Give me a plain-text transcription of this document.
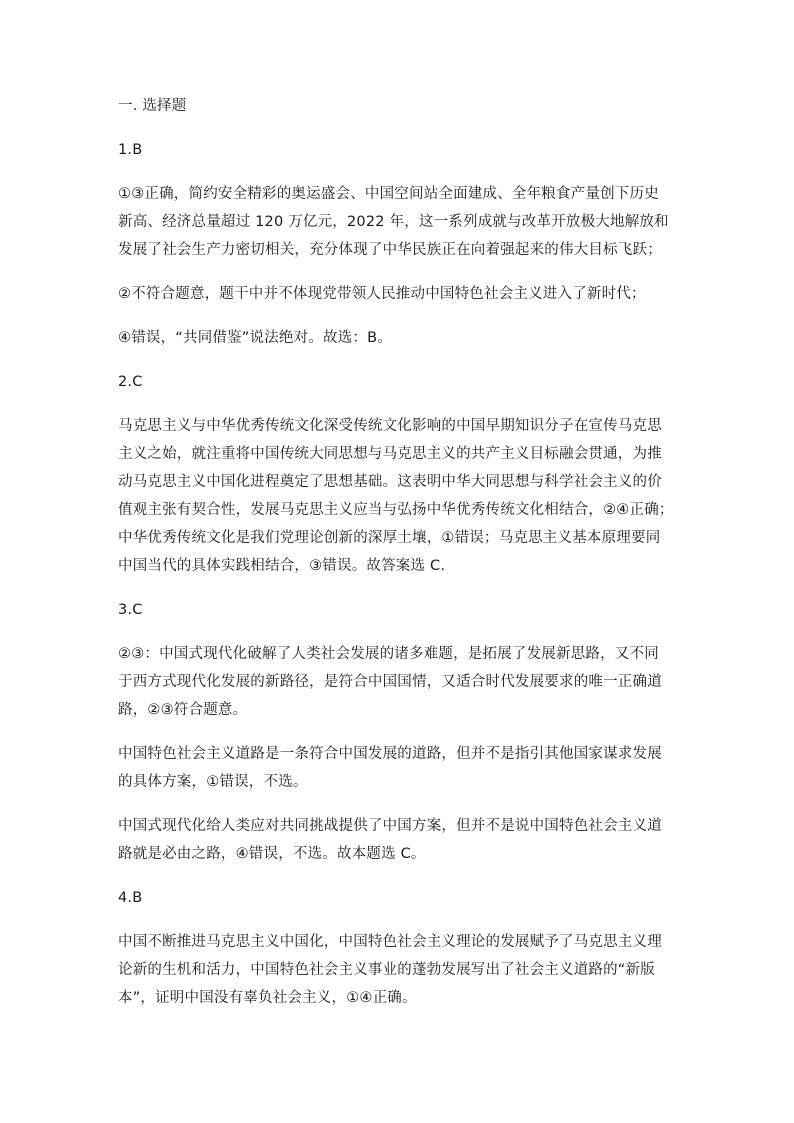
一. 选择题

1.B

①③正确，简约安全精彩的奥运盛会、中国空间站全面建成、全年粮食产量创下历史
新高、经济总量超过 120 万亿元，2022 年，这一系列成就与改革开放极大地解放和
发展了社会生产力密切相关，充分体现了中华民族正在向着强起来的伟大目标飞跃；

②不符合题意，题干中并不体现党带领人民推动中国特色社会主义进入了新时代；

④错误，“共同借鉴”说法绝对。故选：B。

2.C

马克思主义与中华优秀传统文化深受传统文化影响的中国早期知识分子在宣传马克思
主义之始，就注重将中国传统大同思想与马克思主义的共产主义目标融会贯通，为推
动马克思主义中国化进程奠定了思想基础。这表明中华大同思想与科学社会主义的价
值观主张有契合性，发展马克思主义应当与弘扬中华优秀传统文化相结合，②④正确；
中华优秀传统文化是我们党理论创新的深厚土壤，①错误；马克思主义基本原理要同
中国当代的具体实践相结合，③错误。故答案选 C.

3.C

②③：中国式现代化破解了人类社会发展的诸多难题，是拓展了发展新思路，又不同
于西方式现代化发展的新路径，是符合中国国情，又适合时代发展要求的唯一正确道
路，②③符合题意。

中国特色社会主义道路是一条符合中国发展的道路，但并不是指引其他国家谋求发展
的具体方案，①错误，不选。

中国式现代化给人类应对共同挑战提供了中国方案，但并不是说中国特色社会主义道
路就是必由之路，④错误，不选。故本题选 C。

4.B

中国不断推进马克思主义中国化，中国特色社会主义理论的发展赋予了马克思主义理
论新的生机和活力，中国特色社会主义事业的蓬勃发展写出了社会主义道路的“新版
本”，证明中国没有辜负社会主义，①④正确。
